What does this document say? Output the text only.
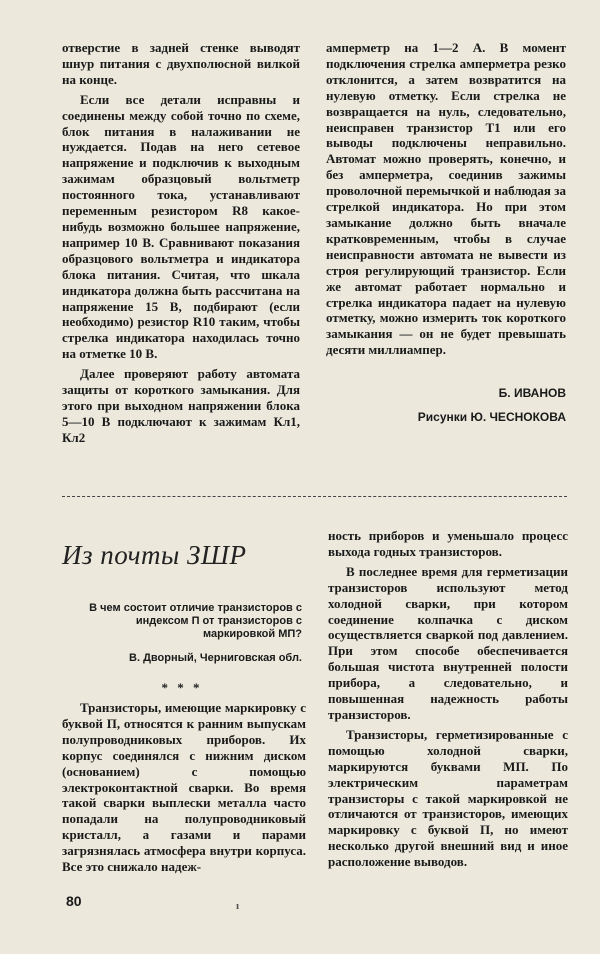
отверстие в задней стенке выводят шнур питания с двухполюсной вилкой на конце.

Если все детали исправны и соединены между собой точно по схеме, блок питания в налаживании не нуждается. Подав на него сетевое напряжение и подключив к выходным зажимам образцовый вольтметр постоянного тока, устанавливают переменным резистором R8 какое-нибудь возможно большее напряжение, например 10 В. Сравнивают показания образцового вольтметра и индикатора блока питания. Считая, что шкала индикатора должна быть рассчитана на напряжение 15 В, подбирают (если необходимо) резистор R10 таким, чтобы стрелка индикатора находилась точно на отметке 10 В.

Далее проверяют работу автомата защиты от короткого замыкания. Для этого при выходном напряжении блока 5—10 В подключают к зажимам Кл1, Кл2

амперметр на 1—2 А. В момент подключения стрелка амперметра резко отклонится, а затем возвратится на нулевую отметку. Если стрелка не возвращается на нуль, следовательно, неисправен транзистор Т1 или его выводы подключены неправильно. Автомат можно проверять, конечно, и без амперметра, соединив зажимы проволочной перемычкой и наблюдая за стрелкой индикатора. Но при этом замыкание должно быть вначале кратковременным, чтобы в случае неисправности автомата не вывести из строя регулирующий транзистор. Если же автомат работает нормально и стрелка индикатора падает на нулевую отметку, можно измерить ток короткого замыкания — он не будет превышать десяти миллиампер.

Б. ИВАНОВ

Рисунки Ю. ЧЕСНОКОВА

Из почты ЗШР
В чем состоит отличие транзисторов с индексом П от транзисторов с маркировкой МП?
В. Дворный, Черниговская обл.
* * *

Транзисторы, имеющие маркировку с буквой П, относятся к ранним выпускам полупроводниковых приборов. Их корпус соединялся с нижним диском (основанием) с помощью электроконтактной сварки. Во время такой сварки выплески металла часто попадали на полупроводниковый кристалл, а газами и парами загрязнялась атмосфера внутри корпуса. Все это снижало надеж-

ность приборов и уменьшало процесс выхода годных транзисторов.

В последнее время для герметизации транзисторов используют метод холодной сварки, при котором соединение колпачка с диском осуществляется сваркой под давлением. При этом способе обеспечивается большая чистота внутренней полости прибора, а следовательно, и повышенная надежность работы транзисторов.

Транзисторы, герметизированные с помощью холодной сварки, маркируются буквами МП. По электрическим параметрам транзисторы с такой маркировкой не отличаются от транзисторов, имеющих маркировку с буквой П, но имеют несколько другой внешний вид и иное расположение выводов.

80	ı
